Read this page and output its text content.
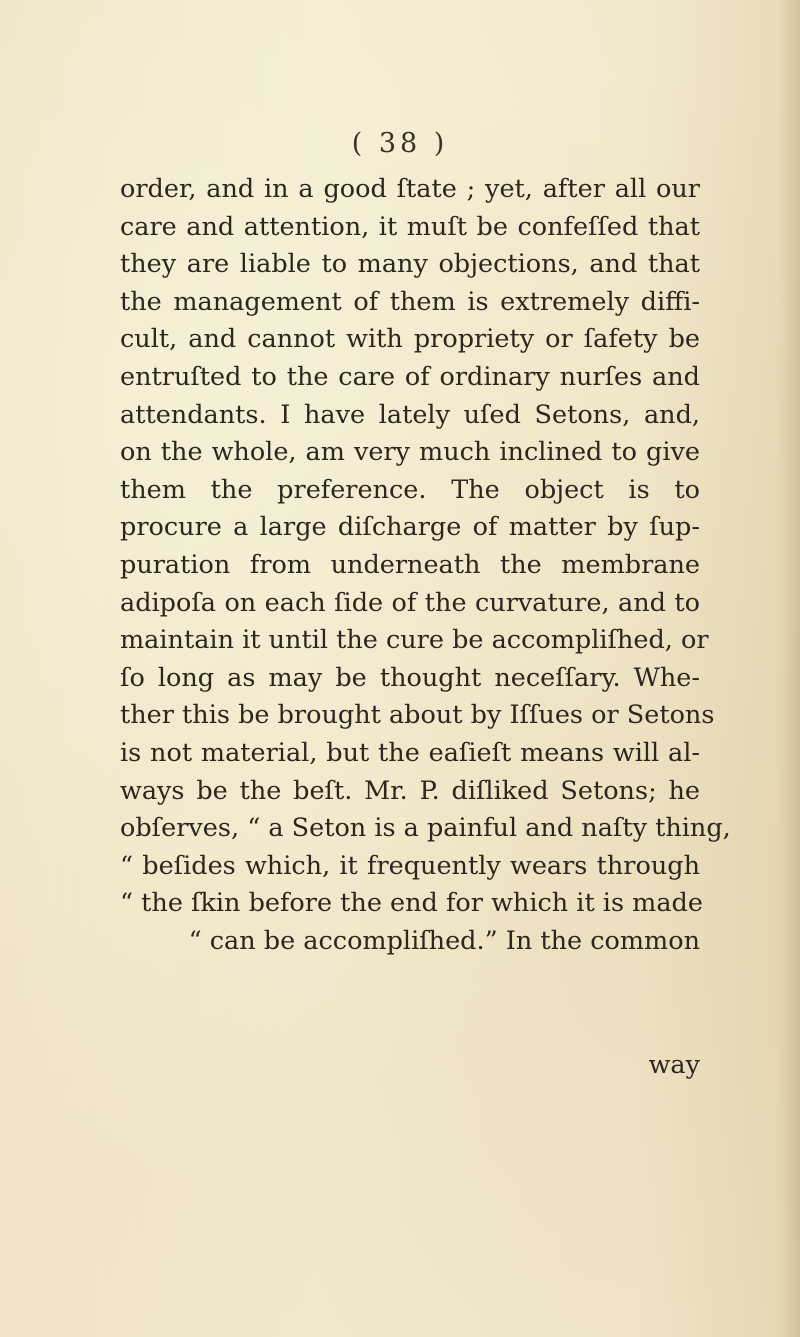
( 38 )
order, and in a good ſtate ; yet, after all our
care and attention, it muſt be confeſſed that
they are liable to many objections, and that
the management of them is extremely diffi-
cult, and cannot with propriety or ſafety be
entruſted to the care of ordinary nurſes and
attendants. I have lately uſed Setons, and,
on the whole, am very much inclined to give
them the preference. The object is to
procure a large diſcharge of matter by ſup-
puration from underneath the membrane
adipoſa on each ſide of the curvature, and to
maintain it until the cure be accompliſhed, or
ſo long as may be thought neceſſary. Whe-
ther this be brought about by Iſſues or Setons
is not material, but the eaſieſt means will al-
ways be the beſt. Mr. P. diſliked Setons; he
obſerves, “ a Seton is a painful and naſty thing,
“ beſides which, it frequently wears through
“ the ſkin before the end for which it is made
“ can be accompliſhed.” In the common
way
